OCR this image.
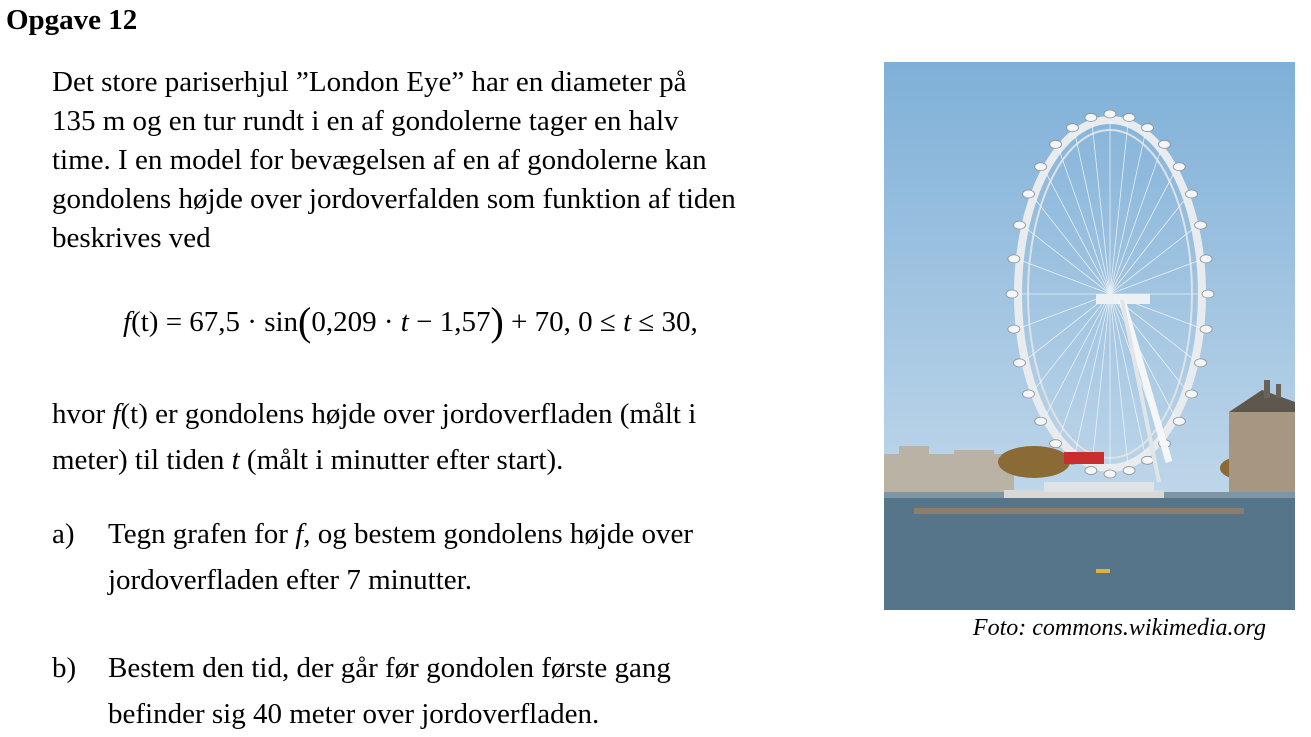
Opgave 12
Det store pariserhjul ”London Eye” har en diameter på
135 m og en tur rundt i en af gondolerne tager en halv
time. I en model for bevægelsen af en af gondolerne kan
gondolens højde over jordoverfalden som funktion af tiden
beskrives ved
f(t) = 67,5 · sin(0,209 · t − 1,57) + 70, 0 ≤ t ≤ 30,
hvor f(t) er gondolens højde over jordoverfladen (målt i
meter) til tiden t (målt i minutter efter start).
a) Tegn grafen for f, og bestem gondolens højde over
jordoverfladen efter 7 minutter.
b) Bestem den tid, der går før gondolen første gang
befinder sig 40 meter over jordoverfladen.
Foto: commons.wikimedia.org
